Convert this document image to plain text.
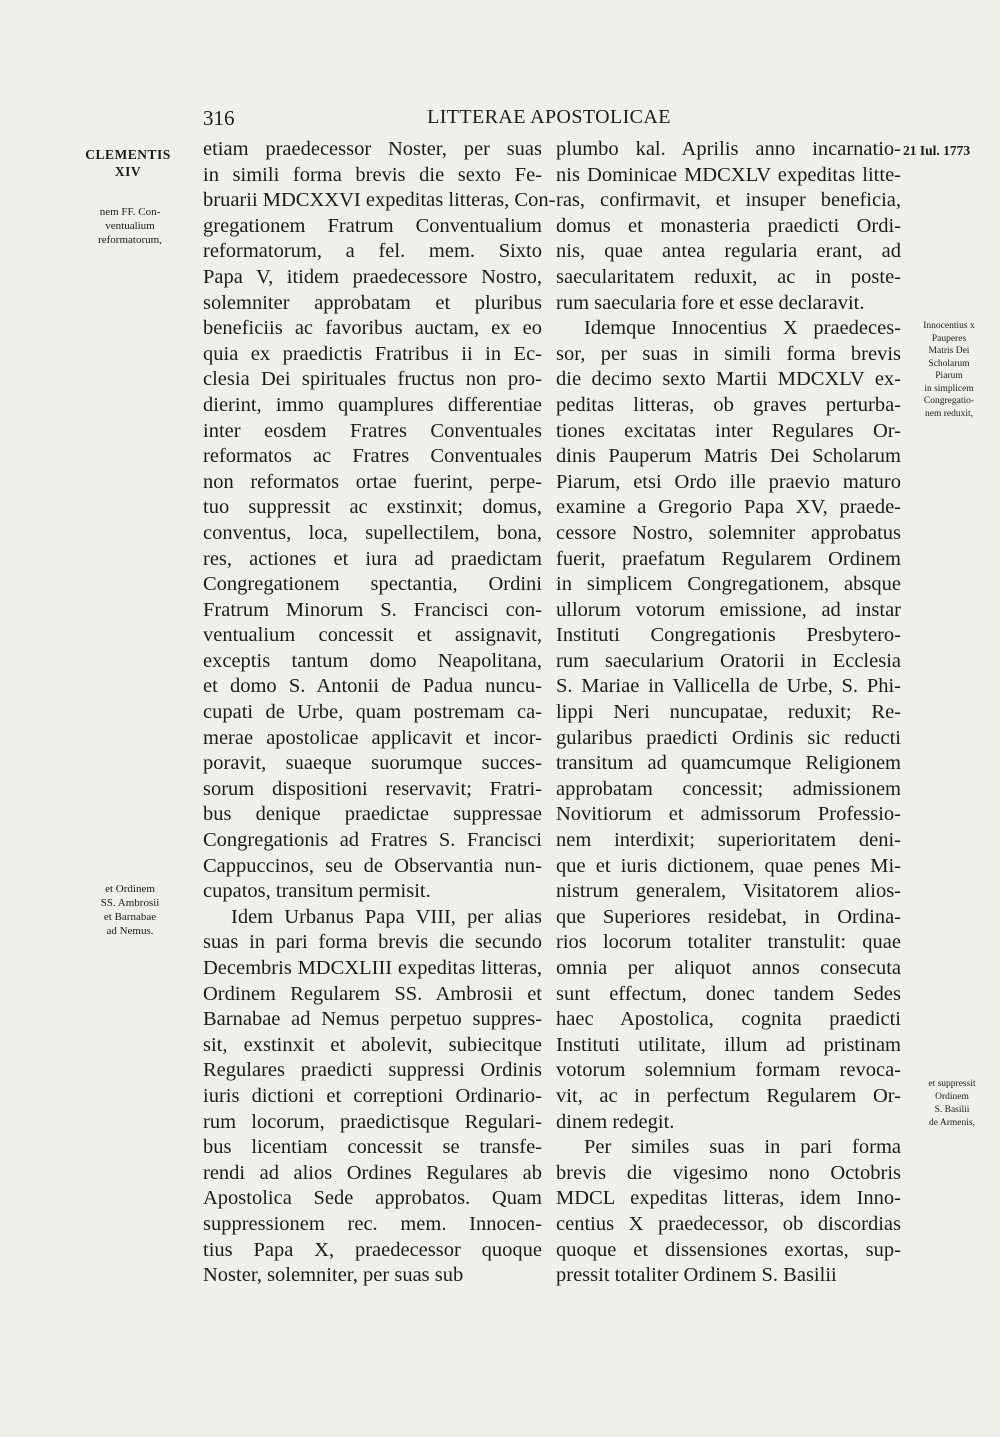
316	LITTERAE APOSTOLICAE
CLEMENTIS
XIV
nem FF. Con-
ventualium
reformatorum,
et Ordinem
SS. Ambrosii
et Barnabae
ad Nemus.
21 Iul. 1773
Innocentius x
Pauperes
Matris Dei
Scholarum
Piarum
in simplicem
Congregatio-
nem reduxit,
et suppressit
Ordinem
S. Basilii
de Armenis,
etiam praedecessor Noster, per suas
in simili forma brevis die sexto Fe-
bruarii MDCXXVI expeditas litteras, Con-
gregationem Fratrum Conventualium
reformatorum, a fel. mem. Sixto
Papa V, itidem praedecessore Nostro,
solemniter approbatam et pluribus
beneficiis ac favoribus auctam, ex eo
quia ex praedictis Fratribus ii in Ec-
clesia Dei spirituales fructus non pro-
dierint, immo quamplures differentiae
inter eosdem Fratres Conventuales
reformatos ac Fratres Conventuales
non reformatos ortae fuerint, perpe-
tuo suppressit ac exstinxit; domus,
conventus, loca, supellectilem, bona,
res, actiones et iura ad praedictam
Congregationem spectantia, Ordini
Fratrum Minorum S. Francisci con-
ventualium concessit et assignavit,
exceptis tantum domo Neapolitana,
et domo S. Antonii de Padua nuncu-
cupati de Urbe, quam postremam ca-
merae apostolicae applicavit et incor-
poravit, suaeque suorumque succes-
sorum dispositioni reservavit; Fratri-
bus denique praedictae suppressae
Congregationis ad Fratres S. Francisci
Cappuccinos, seu de Observantia nun-
cupatos, transitum permisit.
Idem Urbanus Papa VIII, per alias
suas in pari forma brevis die secundo
Decembris MDCXLIII expeditas litteras,
Ordinem Regularem SS. Ambrosii et
Barnabae ad Nemus perpetuo suppres-
sit, exstinxit et abolevit, subiecitque
Regulares praedicti suppressi Ordinis
iuris dictioni et correptioni Ordinario-
rum locorum, praedictisque Regulari-
bus licentiam concessit se transfe-
rendi ad alios Ordines Regulares ab
Apostolica Sede approbatos. Quam
suppressionem rec. mem. Innocen-
tius Papa X, praedecessor quoque
Noster, solemniter, per suas sub
plumbo kal. Aprilis anno incarnatio-
nis Dominicae MDCXLV expeditas litte-
ras, confirmavit, et insuper beneficia,
domus et monasteria praedicti Ordi-
nis, quae antea regularia erant, ad
saecularitatem reduxit, ac in poste-
rum saecularia fore et esse declaravit.
Idemque Innocentius X praedeces-
sor, per suas in simili forma brevis
die decimo sexto Martii MDCXLV ex-
peditas litteras, ob graves perturba-
tiones excitatas inter Regulares Or-
dinis Pauperum Matris Dei Scholarum
Piarum, etsi Ordo ille praevio maturo
examine a Gregorio Papa XV, praede-
cessore Nostro, solemniter approbatus
fuerit, praefatum Regularem Ordinem
in simplicem Congregationem, absque
ullorum votorum emissione, ad instar
Instituti Congregationis Presbytero-
rum saecularium Oratorii in Ecclesia
S. Mariae in Vallicella de Urbe, S. Phi-
lippi Neri nuncupatae, reduxit; Re-
gularibus praedicti Ordinis sic reducti
transitum ad quamcumque Religionem
approbatam concessit; admissionem
Novitiorum et admissorum Professio-
nem interdixit; superioritatem deni-
que et iuris dictionem, quae penes Mi-
nistrum generalem, Visitatorem alios-
que Superiores residebat, in Ordina-
rios locorum totaliter transtulit: quae
omnia per aliquot annos consecuta
sunt effectum, donec tandem Sedes
haec Apostolica, cognita praedicti
Instituti utilitate, illum ad pristinam
votorum solemnium formam revoca-
vit, ac in perfectum Regularem Or-
dinem redegit.
Per similes suas in pari forma
brevis die vigesimo nono Octobris
MDCL expeditas litteras, idem Inno-
centius X praedecessor, ob discordias
quoque et dissensiones exortas, sup-
pressit totaliter Ordinem S. Basilii
